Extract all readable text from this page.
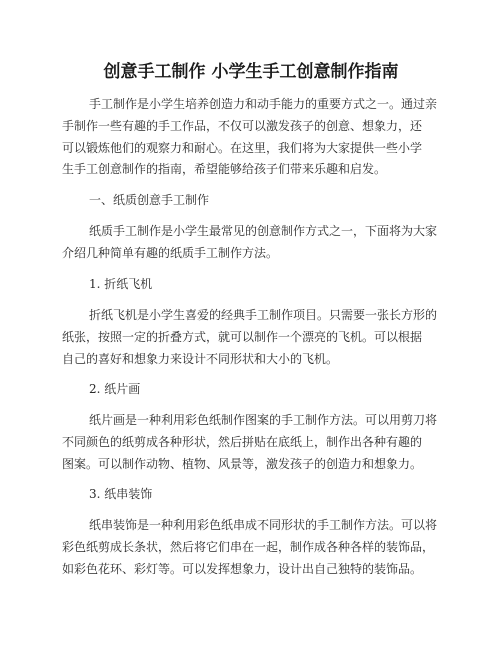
创意手工制作 小学生手工创意制作指南
手工制作是小学生培养创造力和动手能力的重要方式之一。通过亲
手制作一些有趣的手工作品，不仅可以激发孩子的创意、想象力，还
可以锻炼他们的观察力和耐心。在这里，我们将为大家提供一些小学
生手工创意制作的指南，希望能够给孩子们带来乐趣和启发。
一、纸质创意手工制作
纸质手工制作是小学生最常见的创意制作方式之一，下面将为大家
介绍几种简单有趣的纸质手工制作方法。
1. 折纸飞机
折纸飞机是小学生喜爱的经典手工制作项目。只需要一张长方形的
纸张，按照一定的折叠方式，就可以制作一个漂亮的飞机。可以根据
自己的喜好和想象力来设计不同形状和大小的飞机。
2. 纸片画
纸片画是一种利用彩色纸制作图案的手工制作方法。可以用剪刀将
不同颜色的纸剪成各种形状，然后拼贴在底纸上，制作出各种有趣的
图案。可以制作动物、植物、风景等，激发孩子的创造力和想象力。
3. 纸串装饰
纸串装饰是一种利用彩色纸串成不同形状的手工制作方法。可以将
彩色纸剪成长条状，然后将它们串在一起，制作成各种各样的装饰品，
如彩色花环、彩灯等。可以发挥想象力，设计出自己独特的装饰品。
